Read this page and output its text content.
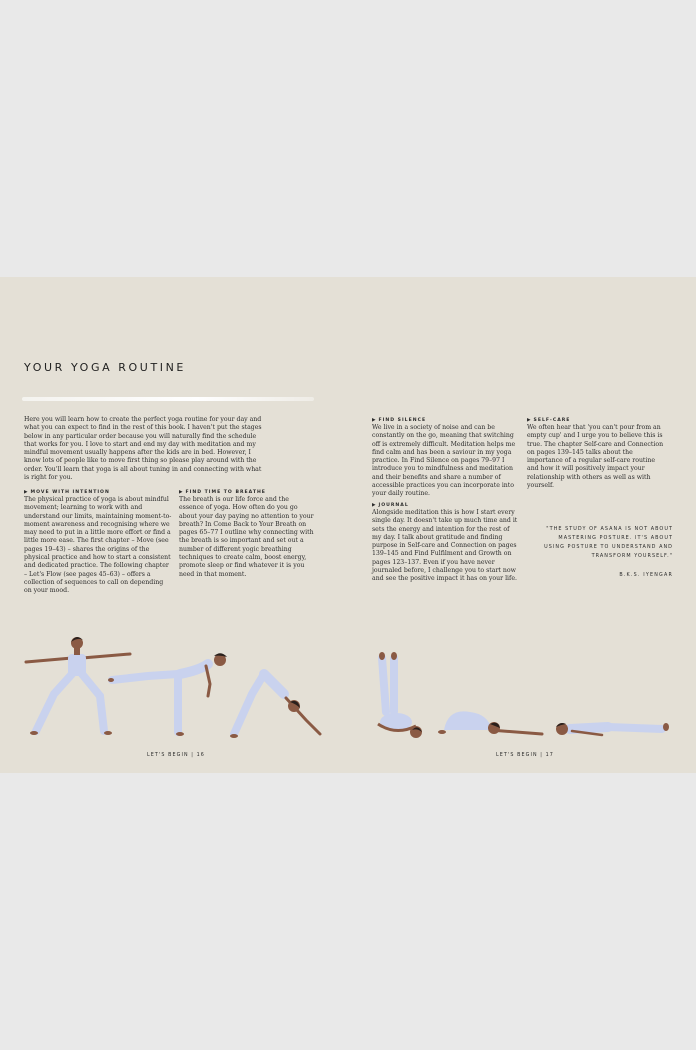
YOUR YOGA ROUTINE

Here you will learn how to create the perfect yoga routine for your day and what you can expect to find in the rest of this book. I haven't put the stages below in any particular order because you will naturally find the schedule that works for you. I love to start and end my day with meditation and my mindful movement usually happens after the kids are in bed. However, I know lots of people like to move first thing so please play around with the order. You'll learn that yoga is all about tuning in and connecting with what is right for you.

▶ MOVE WITH INTENTION

The physical practice of yoga is about mindful movement; learning to work with and understand our limits, maintaining moment-to-moment awareness and recognising where we may need to put in a little more effort or find a little more ease. The first chapter – Move (see pages 19–43) – shares the origins of the physical practice and how to start a consistent and dedicated practice. The following chapter – Let's Flow (see pages 45–63) – offers a collection of sequences to call on depending on your mood.

▶ FIND TIME TO BREATHE

The breath is our life force and the essence of yoga. How often do you go about your day paying no attention to your breath? In Come Back to Your Breath on pages 65–77 I outline why connecting with the breath is so important and set out a number of different yogic breathing techniques to create calm, boost energy, promote sleep or find whatever it is you need in that moment.

▶ FIND SILENCE

We live in a society of noise and can be constantly on the go, meaning that switching off is extremely difficult. Meditation helps me find calm and has been a saviour in my yoga practice. In Find Silence on pages 79–97 I introduce you to mindfulness and meditation and their benefits and share a number of accessible practices you can incorporate into your daily routine.

▶ JOURNAL

Alongside meditation this is how I start every single day. It doesn't take up much time and it sets the energy and intention for the rest of my day. I talk about gratitude and finding purpose in Self-care and Connection on pages 139–145 and Find Fulfilment and Growth on pages 123–137. Even if you have never journaled before, I challenge you to start now and see the positive impact it has on your life.

▶ SELF-CARE

We often hear that 'you can't pour from an empty cup' and I urge you to believe this is true. The chapter Self-care and Connection on pages 139–145 talks about the importance of a regular self-care routine and how it will positively impact your relationship with others as well as with yourself.

"THE STUDY OF ASANA IS NOT ABOUT MASTERING POSTURE. IT'S ABOUT USING POSTURE TO UNDERSTAND AND TRANSFORM YOURSELF."
B.K.S. IYENGAR
LET'S BEGIN | 16	LET'S BEGIN | 17
